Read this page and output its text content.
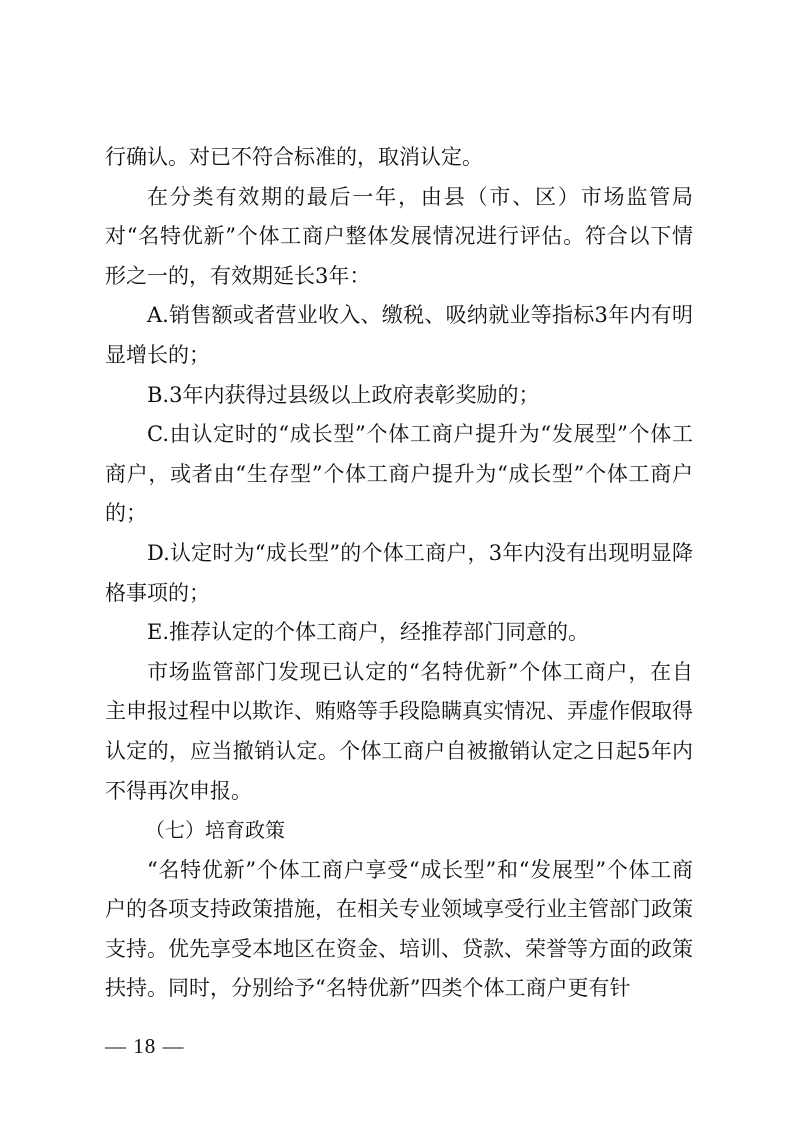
行确认。对已不符合标准的，取消认定。

在分类有效期的最后一年，由县（市、区）市场监管局对“名特优新”个体工商户整体发展情况进行评估。符合以下情形之一的，有效期延长3年：

A.销售额或者营业收入、缴税、吸纳就业等指标3年内有明显增长的；

B.3年内获得过县级以上政府表彰奖励的；

C.由认定时的“成长型”个体工商户提升为“发展型”个体工商户，或者由“生存型”个体工商户提升为“成长型”个体工商户的；

D.认定时为“成长型”的个体工商户，3年内没有出现明显降格事项的；

E.推荐认定的个体工商户，经推荐部门同意的。

市场监管部门发现已认定的“名特优新”个体工商户，在自主申报过程中以欺诈、贿赂等手段隐瞒真实情况、弄虚作假取得认定的，应当撤销认定。个体工商户自被撤销认定之日起5年内不得再次申报。

（七）培育政策

“名特优新”个体工商户享受“成长型”和“发展型”个体工商户的各项支持政策措施，在相关专业领域享受行业主管部门政策支持。优先享受本地区在资金、培训、贷款、荣誉等方面的政策扶持。同时，分别给予“名特优新”四类个体工商户更有针

— 18 —
